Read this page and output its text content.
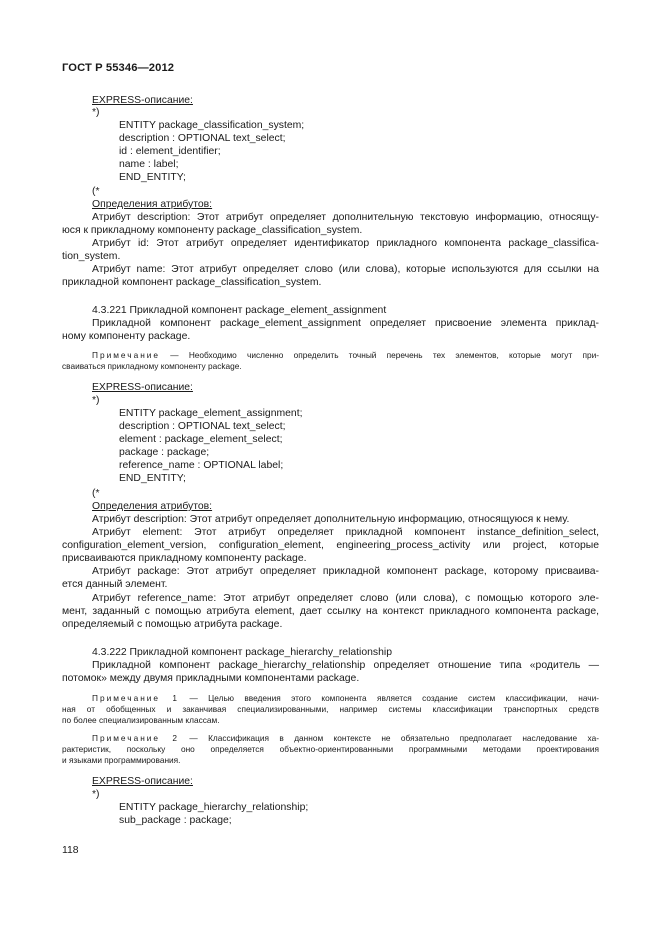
ГОСТ Р 55346—2012
EXPRESS-описание:
*)
ENTITY package_classification_system;
description : OPTIONAL text_select;
id : element_identifier;
name : label;
END_ENTITY;
(*
Определения атрибутов:
Атрибут description: Этот атрибут определяет дополнительную текстовую информацию, относящу-
юся к прикладному компоненту package_classification_system.
Атрибут id: Этот атрибут определяет идентификатор прикладного компонента package_classifica-
tion_system.
Атрибут name: Этот атрибут определяет слово (или слова), которые используются для ссылки на
прикладной компонент package_classification_system.
4.3.221 Прикладной компонент package_element_assignment
Прикладной компонент package_element_assignment определяет присвоение элемента приклад-
ному компоненту package.
Примечание — Необходимо численно определить точный перечень тех элементов, которые могут при-
сваиваться прикладному компоненту package.
EXPRESS-описание:
*)
ENTITY package_element_assignment;
description : OPTIONAL text_select;
element : package_element_select;
package : package;
reference_name : OPTIONAL label;
END_ENTITY;
(*
Определения атрибутов:
Атрибут description: Этот атрибут определяет дополнительную информацию, относящуюся к нему.
Атрибут element: Этот атрибут определяет прикладной компонент instance_definition_select,
configuration_element_version, configuration_element, engineering_process_activity или project, которые
присваиваются прикладному компоненту package.
Атрибут package: Этот атрибут определяет прикладной компонент package, которому присваива-
ется данный элемент.
Атрибут reference_name: Этот атрибут определяет слово (или слова), с помощью которого эле-
мент, заданный с помощью атрибута element, дает ссылку на контекст прикладного компонента package,
определяемый с помощью атрибута package.
4.3.222 Прикладной компонент package_hierarchy_relationship
Прикладной компонент package_hierarchy_relationship определяет отношение типа «родитель —
потомок» между двумя прикладными компонентами package.
Примечание 1 — Целью введения этого компонента является создание систем классификации, начи-
ная от обобщенных и заканчивая специализированными, например системы классификации транспортных средств
по более специализированным классам.
Примечание 2 — Классификация в данном контексте не обязательно предполагает наследование ха-
рактеристик, поскольку оно определяется объектно-ориентированными программными методами проектирования
и языками программирования.
EXPRESS-описание:
*)
ENTITY package_hierarchy_relationship;
sub_package : package;
118
